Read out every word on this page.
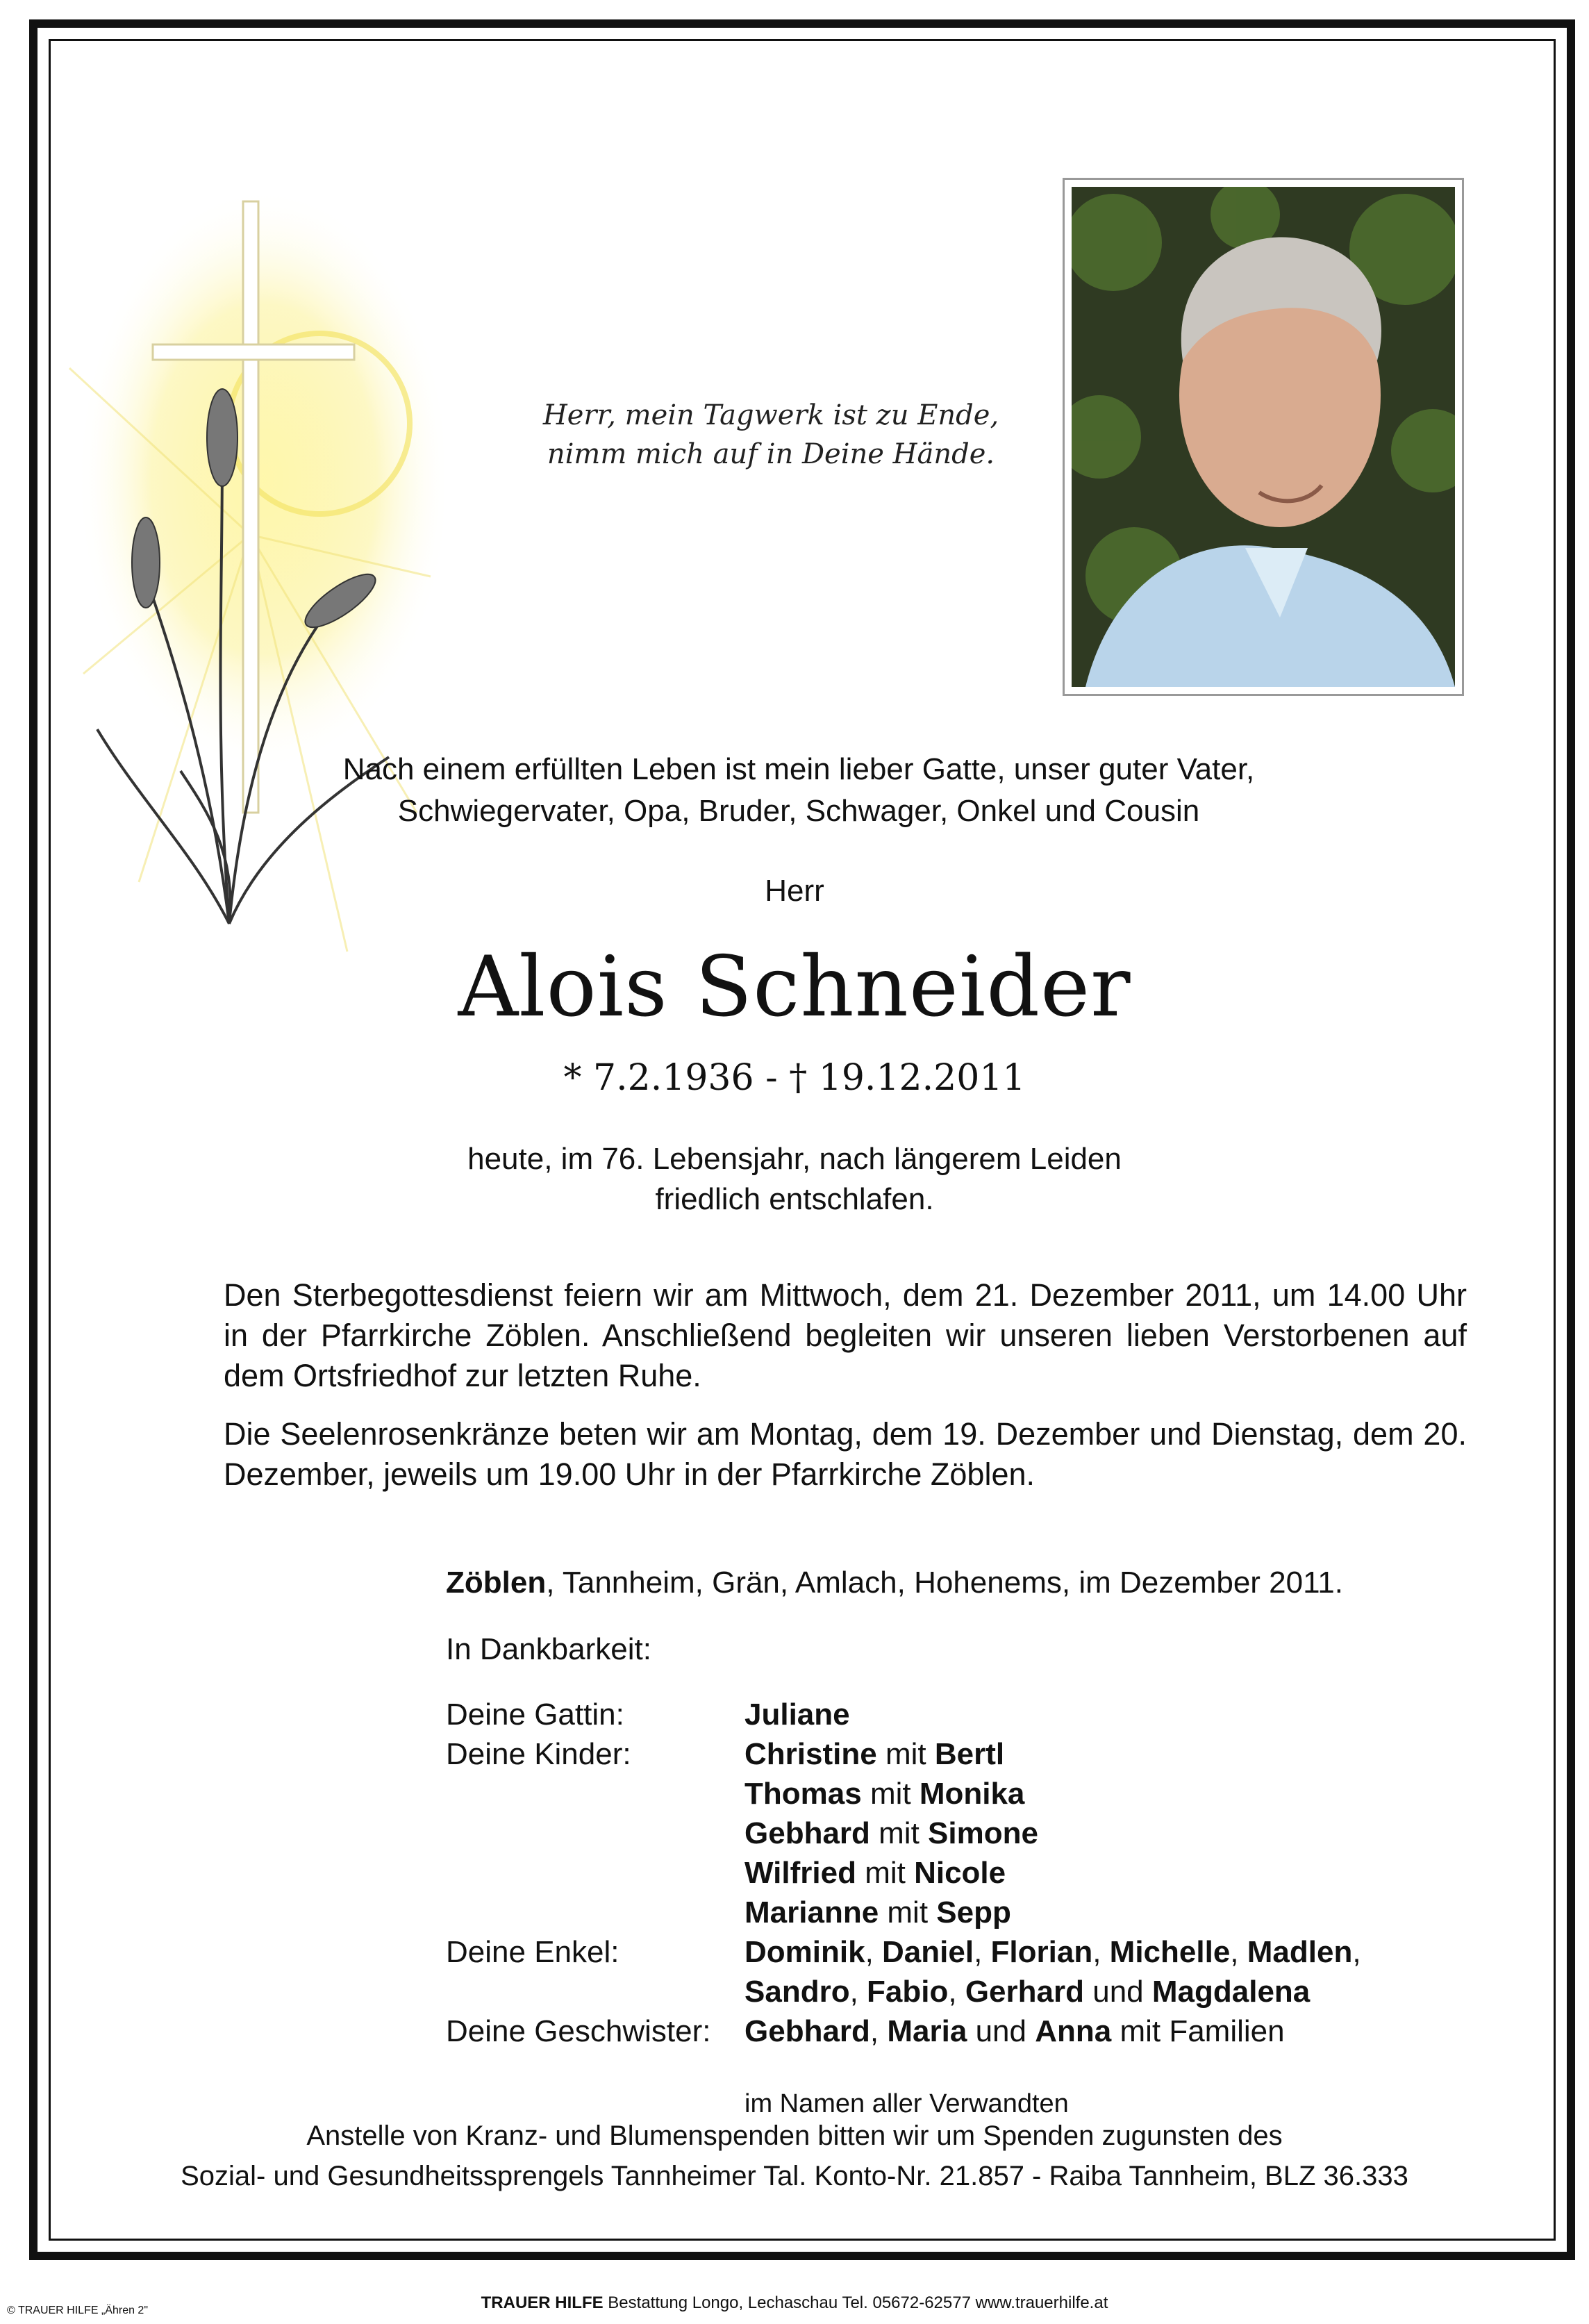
Herr, mein Tagwerk ist zu Ende,
nimm mich auf in Deine Hände.
Nach einem erfüllten Leben ist mein lieber Gatte, unser guter Vater,
Schwiegervater, Opa, Bruder, Schwager, Onkel und Cousin
Herr
Alois Schneider
* 7.2.1936 - † 19.12.2011
heute, im 76. Lebensjahr, nach längerem Leiden
friedlich entschlafen.
Den Sterbegottesdienst feiern wir am Mittwoch, dem 21. Dezember 2011, um 14.00 Uhr in der Pfarrkirche Zöblen. Anschließend begleiten wir unseren lieben Verstorbenen auf dem Ortsfriedhof zur letzten Ruhe.
Die Seelenrosenkränze beten wir am Montag, dem 19. Dezember und Dienstag, dem 20. Dezember, jeweils um 19.00 Uhr in der Pfarrkirche Zöblen.
Zöblen, Tannheim, Grän, Amlach, Hohenems, im Dezember 2011.
In Dankbarkeit:
Deine Gattin:	Juliane
Deine Kinder:	Christine mit Bertl
Thomas mit Monika
Gebhard mit Simone
Wilfried mit Nicole
Marianne mit Sepp
Deine Enkel:	Dominik, Daniel, Florian, Michelle, Madlen,
Sandro, Fabio, Gerhard und Magdalena
Deine Geschwister:	Gebhard, Maria und Anna mit Familien
im Namen aller Verwandten
Anstelle von Kranz- und Blumenspenden bitten wir um Spenden zugunsten des
Sozial- und Gesundheitssprengels Tannheimer Tal. Konto-Nr. 21.857 - Raiba Tannheim, BLZ 36.333
© TRAUER HILFE „Ähren 2"	TRAUER HILFE Bestattung Longo, Lechaschau Tel. 05672-62577 www.trauerhilfe.at
